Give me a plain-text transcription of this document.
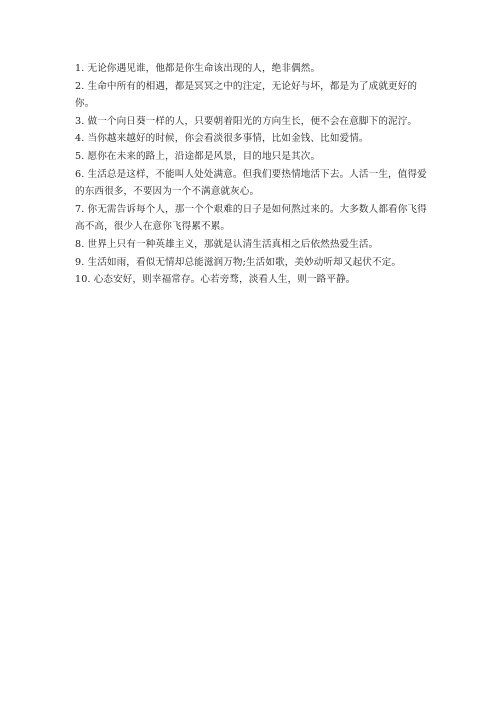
1. 无论你遇见谁，他都是你生命该出现的人，绝非偶然。

2. 生命中所有的相遇，都是冥冥之中的注定，无论好与坏，都是为了成就更好的你。

3. 做一个向日葵一样的人，只要朝着阳光的方向生长，便不会在意脚下的泥泞。

4. 当你越来越好的时候，你会看淡很多事情，比如金钱、比如爱情。

5. 愿你在未来的路上，沿途都是风景，目的地只是其次。

6. 生活总是这样，不能叫人处处满意。但我们要热情地活下去。人活一生，值得爱的东西很多，不要因为一个不满意就灰心。

7. 你无需告诉每个人，那一个个艰难的日子是如何熬过来的。大多数人都看你飞得高不高，很少人在意你飞得累不累。

8. 世界上只有一种英雄主义，那就是认清生活真相之后依然热爱生活。

9. 生活如雨，看似无情却总能滋润万物;生活如歌，美妙动听却又起伏不定。

10. 心态安好，则幸福常存。心若旁骛，淡看人生，则一路平静。
